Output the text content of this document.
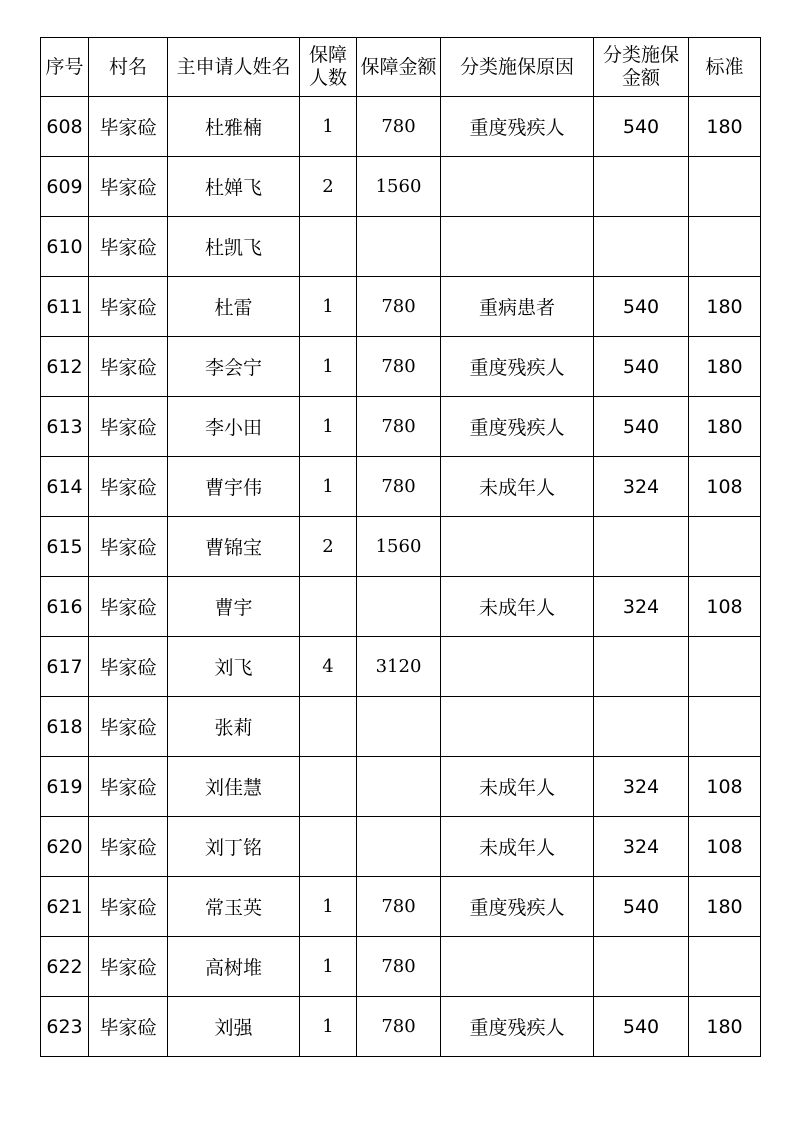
序号	村名	主申请人姓名	保障人数	保障金额	分类施保原因	分类施保金额	标准
608	毕家硷	杜雅楠	1	780	重度残疾人	540	180
609	毕家硷	杜婵飞	2	1560			
610	毕家硷	杜凯飞					
611	毕家硷	杜雷	1	780	重病患者	540	180
612	毕家硷	李会宁	1	780	重度残疾人	540	180
613	毕家硷	李小田	1	780	重度残疾人	540	180
614	毕家硷	曹宇伟	1	780	未成年人	324	108
615	毕家硷	曹锦宝	2	1560			
616	毕家硷	曹宇			未成年人	324	108
617	毕家硷	刘飞	4	3120			
618	毕家硷	张莉					
619	毕家硷	刘佳慧			未成年人	324	108
620	毕家硷	刘丁铭			未成年人	324	108
621	毕家硷	常玉英	1	780	重度残疾人	540	180
622	毕家硷	高树堆	1	780			
623	毕家硷	刘强	1	780	重度残疾人	540	180
